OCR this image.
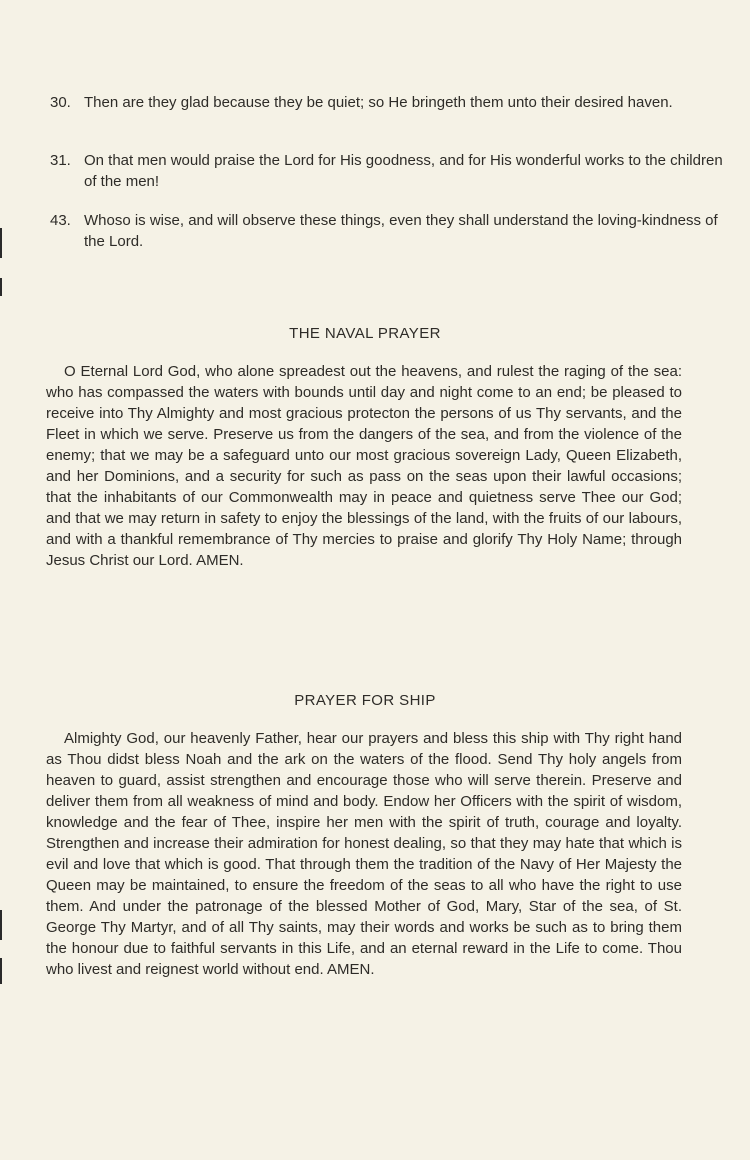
30. Then are they glad because they be quiet; so He bringeth them unto their desired haven.
31. On that men would praise the Lord for His goodness, and for His wonderful works to the children of the men!
43. Whoso is wise, and will observe these things, even they shall understand the loving-kindness of the Lord.
THE NAVAL PRAYER

O Eternal Lord God, who alone spreadest out the heavens, and rulest the raging of the sea: who has compassed the waters with bounds until day and night come to an end; be pleased to receive into Thy Almighty and most gracious protecton the persons of us Thy servants, and the Fleet in which we serve. Preserve us from the dangers of the sea, and from the violence of the enemy; that we may be a safeguard unto our most gracious sovereign Lady, Queen Elizabeth, and her Dominions, and a security for such as pass on the seas upon their lawful occasions; that the inhabitants of our Commonwealth may in peace and quietness serve Thee our God; and that we may return in safety to enjoy the blessings of the land, with the fruits of our labours, and with a thankful remembrance of Thy mercies to praise and glorify Thy Holy Name; through Jesus Christ our Lord. AMEN.

PRAYER FOR SHIP

Almighty God, our heavenly Father, hear our prayers and bless this ship with Thy right hand as Thou didst bless Noah and the ark on the waters of the flood. Send Thy holy angels from heaven to guard, assist strengthen and encourage those who will serve therein. Preserve and deliver them from all weakness of mind and body. Endow her Officers with the spirit of wisdom, knowledge and the fear of Thee, inspire her men with the spirit of truth, courage and loyalty. Strengthen and increase their admiration for honest dealing, so that they may hate that which is evil and love that which is good. That through them the tradition of the Navy of Her Majesty the Queen may be maintained, to ensure the freedom of the seas to all who have the right to use them. And under the patronage of the blessed Mother of God, Mary, Star of the sea, of St. George Thy Martyr, and of all Thy saints, may their words and works be such as to bring them the honour due to faithful servants in this Life, and an eternal reward in the Life to come. Thou who livest and reignest world without end. AMEN.
